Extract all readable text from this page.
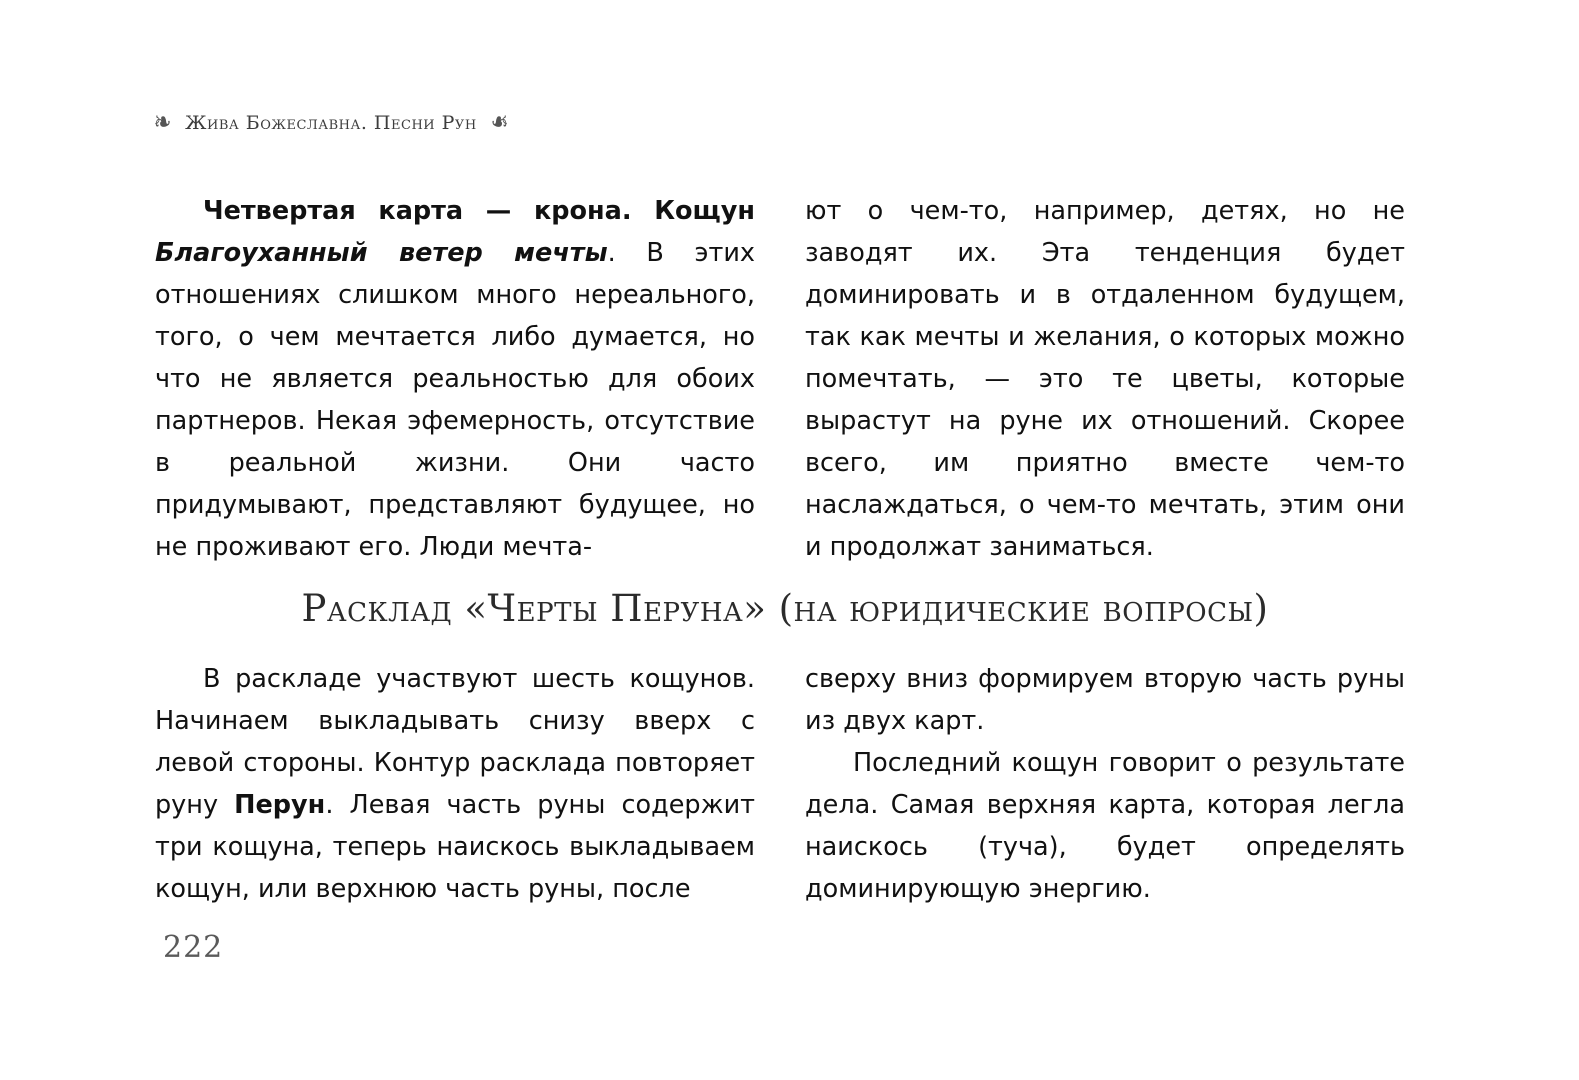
❧ Жива Божеславна. Песни Рун ❧

Четвертая карта — крона. Кощун Благоуханный ветер мечты. В этих отношениях слишком много нереального, того, о чем мечтается либо думается, но что не является реальностью для обоих партнеров. Некая эфемерность, отсутствие в реальной жизни. Они часто придумывают, представляют будущее, но не проживают его. Люди мечта-

ют о чем-то, например, детях, но не заводят их. Эта тенденция будет доминировать и в отдаленном будущем, так как мечты и желания, о которых можно помечтать, — это те цветы, которые вырастут на руне их отношений. Скорее всего, им приятно вместе чем-то наслаждаться, о чем-то мечтать, этим они и продолжат заниматься.

Расклад «Черты Перуна» (на юридические вопросы)

В раскладе участвуют шесть кощунов. Начинаем выкладывать снизу вверх с левой стороны. Контур расклада повторяет руну Перун. Левая часть руны содержит три кощуна, теперь наискось выкладываем кощун, или верхнюю часть руны, после

сверху вниз формируем вторую часть руны из двух карт.

Последний кощун говорит о результате дела. Самая верхняя карта, которая легла наискось (туча), будет определять доминирующую энергию.

222
